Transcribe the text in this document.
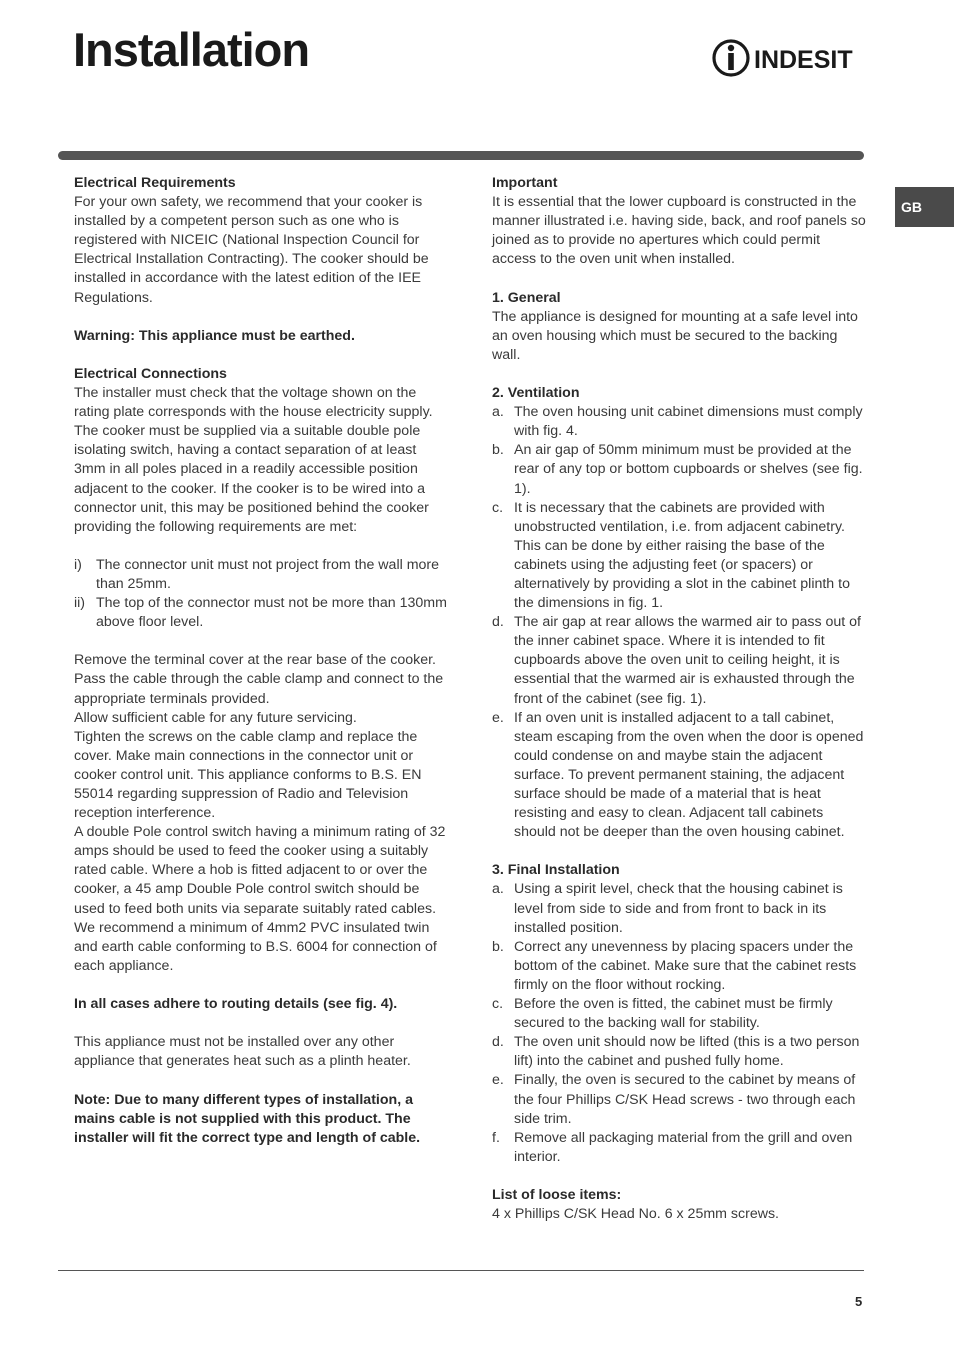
Installation	INDESIT
GB

Electrical Requirements

For your own safety, we recommend that your cooker is installed by a competent person such as one who is registered with NICEIC (National Inspection Council for Electrical Installation Contracting). The cooker should be installed in accordance with the latest edition of the IEE Regulations.

Warning: This appliance must be earthed.

Electrical Connections

The installer must check that the voltage shown on the rating plate corresponds with the house electricity supply. The cooker must be supplied via a suitable double pole isolating switch, having a contact separation of at least 3mm in all poles placed in a readily accessible position adjacent to the cooker. If the cooker is to be wired into a connector unit, this may be positioned behind the cooker providing the following requirements are met:

i) The connector unit must not project from the wall more than 25mm.
ii) The top of the connector must not be more than 130mm above floor level.

Remove the terminal cover at the rear base of the cooker. Pass the cable through the cable clamp and connect to the appropriate terminals provided.

Allow sufficient cable for any future servicing.

Tighten the screws on the cable clamp and replace the cover. Make main connections in the connector unit or cooker control unit. This appliance conforms to B.S. EN 55014 regarding suppression of Radio and Television reception interference.

A double Pole control switch having a minimum rating of 32 amps should be used to feed the cooker using a suitably rated cable. Where a hob is fitted adjacent to or over the cooker, a 45 amp Double Pole control switch should be used to feed both units via separate suitably rated cables.

We recommend a minimum of 4mm2 PVC insulated twin and earth cable conforming to B.S. 6004 for connection of each appliance.

In all cases adhere to routing details (see fig. 4).

This appliance must not be installed over any other appliance that generates heat such as a plinth heater.

Note: Due to many different types of installation, a mains cable is not supplied with this product. The installer will fit the correct type and length of cable.

Important

It is essential that the lower cupboard is constructed in the manner illustrated i.e. having side, back, and roof panels so joined as to provide no apertures which could permit access to the oven unit when installed.

1. General

The appliance is designed for mounting at a safe level into an oven housing which must be secured to the backing wall.

2. Ventilation

a. The oven housing unit cabinet dimensions must comply with fig. 4.
b. An air gap of 50mm minimum must be provided at the rear of any top or bottom cupboards or shelves (see fig. 1).
c. It is necessary that the cabinets are provided with unobstructed ventilation, i.e. from adjacent cabinetry. This can be done by either raising the base of the cabinets using the adjusting feet (or spacers) or alternatively by providing a slot in the cabinet plinth to the dimensions in fig. 1.
d. The air gap at rear allows the warmed air to pass out of the inner cabinet space. Where it is intended to fit cupboards above the oven unit to ceiling height, it is essential that the warmed air is exhausted through the front of the cabinet (see fig. 1).
e. If an oven unit is installed adjacent to a tall cabinet, steam escaping from the oven when the door is opened could condense on and maybe stain the adjacent surface. To prevent permanent staining, the adjacent surface should be made of a material that is heat resisting and easy to clean. Adjacent tall cabinets should not be deeper than the oven housing cabinet.

3. Final Installation

a. Using a spirit level, check that the housing cabinet is level from side to side and from front to back in its installed position.
b. Correct any unevenness by placing spacers under the bottom of the cabinet. Make sure that the cabinet rests firmly on the floor without rocking.
c. Before the oven is fitted, the cabinet must be firmly secured to the backing wall for stability.
d. The oven unit should now be lifted (this is a two person lift) into the cabinet and pushed fully home.
e. Finally, the oven is secured to the cabinet by means of the four Phillips C/SK Head screws - two through each side trim.
f. Remove all packaging material from the grill and oven interior.

List of loose items:

4 x Phillips C/SK Head No. 6 x 25mm screws.

5
